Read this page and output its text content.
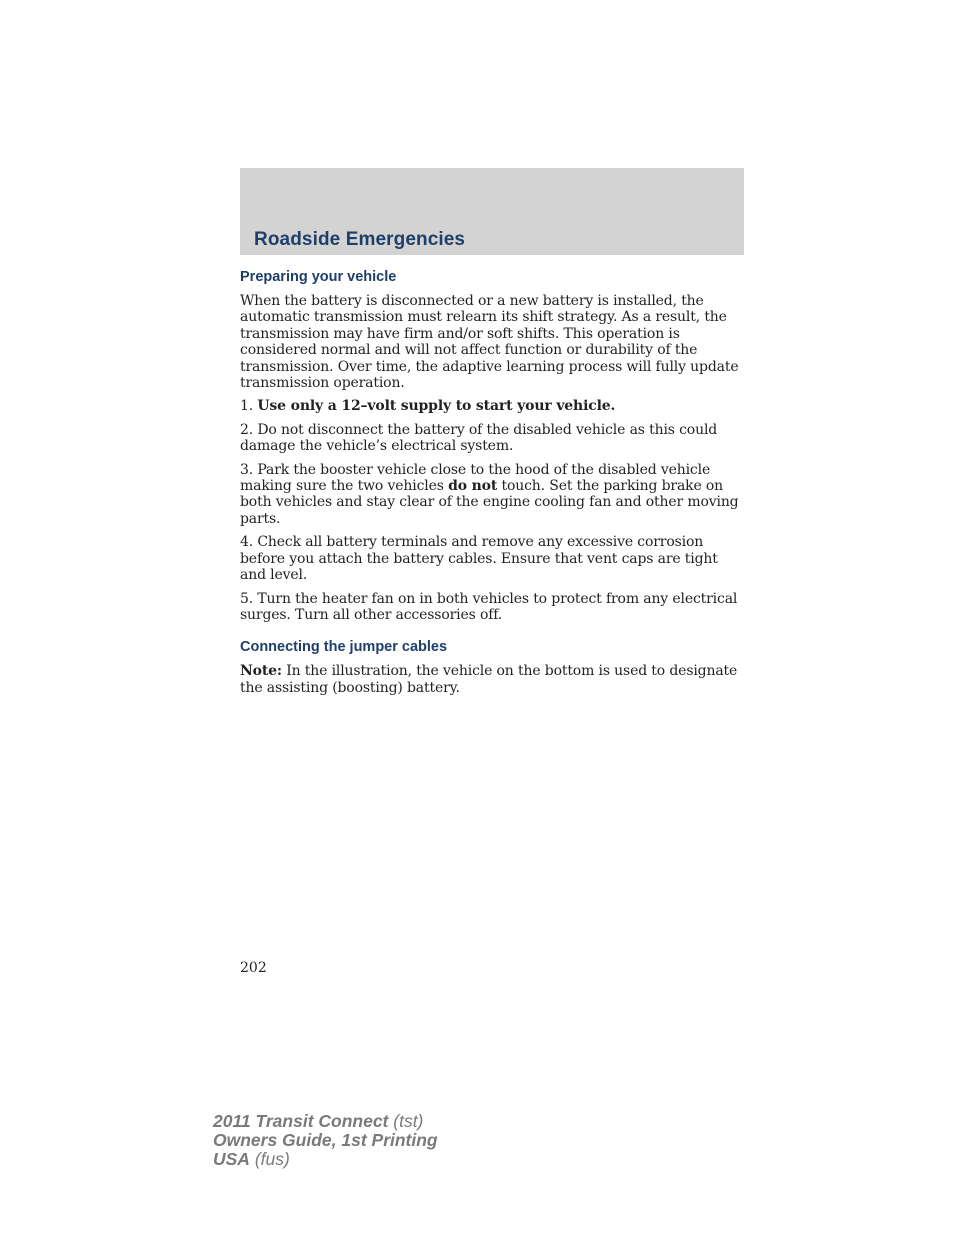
Roadside Emergencies
Preparing your vehicle

When the battery is disconnected or a new battery is installed, the automatic transmission must relearn its shift strategy. As a result, the transmission may have firm and/or soft shifts. This operation is considered normal and will not affect function or durability of the transmission. Over time, the adaptive learning process will fully update transmission operation.

1. Use only a 12–volt supply to start your vehicle.

2. Do not disconnect the battery of the disabled vehicle as this could damage the vehicle’s electrical system.

3. Park the booster vehicle close to the hood of the disabled vehicle making sure the two vehicles do not touch. Set the parking brake on both vehicles and stay clear of the engine cooling fan and other moving parts.

4. Check all battery terminals and remove any excessive corrosion before you attach the battery cables. Ensure that vent caps are tight and level.

5. Turn the heater fan on in both vehicles to protect from any electrical surges. Turn all other accessories off.

Connecting the jumper cables

Note: In the illustration, the vehicle on the bottom is used to designate the assisting (boosting) battery.

202
2011 Transit Connect (tst)
Owners Guide, 1st Printing
USA (fus)
